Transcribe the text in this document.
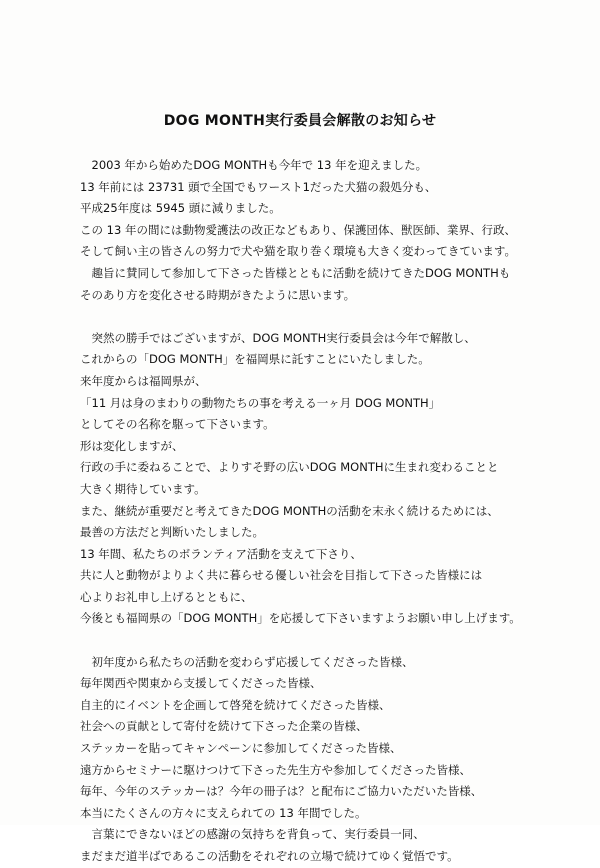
DOG MONTH実行委員会解散のお知らせ

　2003 年から始めたDOG MONTHも今年で 13 年を迎えました。
13 年前には 23731 頭で全国でもワースト1だった犬猫の殺処分も、
平成25年度は 5945 頭に減りました。
この 13 年の間には動物愛護法の改正などもあり、保護団体、獣医師、業界、行政、
そして飼い主の皆さんの努力で犬や猫を取り巻く環境も大きく変わってきています。
　趣旨に賛同して参加して下さった皆様とともに活動を続けてきたDOG MONTHも
そのあり方を変化させる時期がきたように思います。

　突然の勝手ではございますが、DOG MONTH実行委員会は今年で解散し、
これからの「DOG MONTH」を福岡県に託すことにいたしました。
来年度からは福岡県が、
「11 月は身のまわりの動物たちの事を考える一ヶ月 DOG MONTH」
としてその名称を駆って下さいます。
形は変化しますが、
行政の手に委ねることで、よりすそ野の広いDOG MONTHに生まれ変わることと
大きく期待しています。
また、継続が重要だと考えてきたDOG MONTHの活動を末永く続けるためには、
最善の方法だと判断いたしました。
13 年間、私たちのボランティア活動を支えて下さり、
共に人と動物がよりよく共に暮らせる優しい社会を目指して下さった皆様には
心よりお礼申し上げるとともに、
今後とも福岡県の「DOG MONTH」を応援して下さいますようお願い申し上げます。

　初年度から私たちの活動を変わらず応援してくださった皆様、
毎年関西や関東から支援してくださった皆様、
自主的にイベントを企画して啓発を続けてくださった皆様、
社会への貢献として寄付を続けて下さった企業の皆様、
ステッカーを貼ってキャンペーンに参加してくださった皆様、
遠方からセミナーに駆けつけて下さった先生方や参加してくださった皆様、
毎年、今年のステッカーは？今年の冊子は？と配布にご協力いただいた皆様、
本当にたくさんの方々に支えられての 13 年間でした。
　言葉にできないほどの感謝の気持ちを背負って、実行委員一同、
まだまだ道半ばであるこの活動をそれぞれの立場で続けてゆく覚悟です。
